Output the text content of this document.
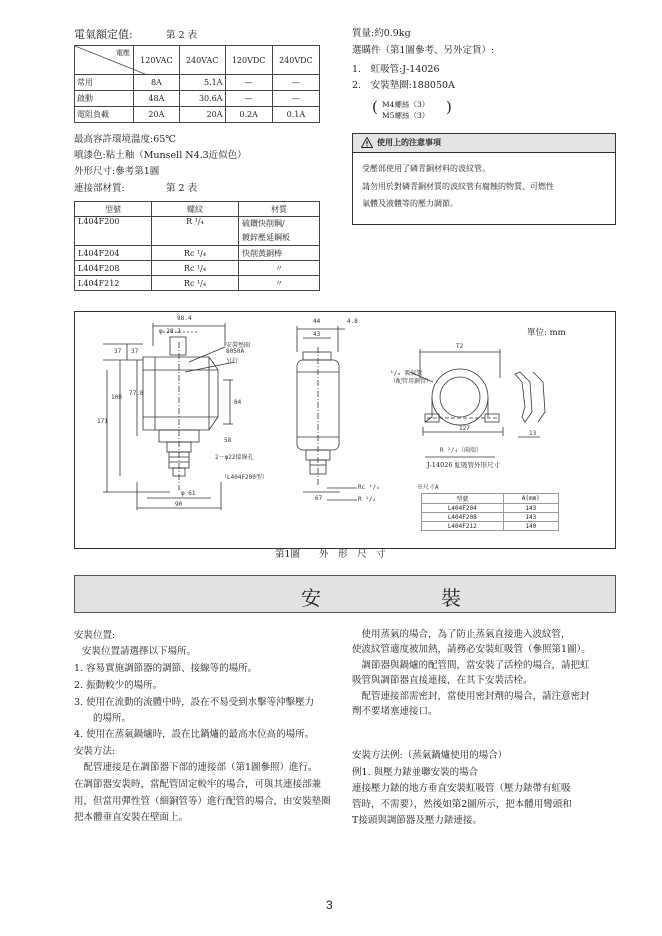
電氣額定值:	第 2 表
電壓	120VAC	240VAC	120VDC	240VDC
常用	8A	5.1A	—	—
啟動	48A	30.6A	—	—
電阻負載	20A	20A	0.2A	0.1A
最高容許環境溫度:65℃
噴漆色:粘土釉（Munsell N4.3近似色）
外形尺寸:參考第1圖
連接部材質:	第 2 表
型號	螺紋	材質
L404F200	R ¹/₄	硫鑽快削鋼/
鍍鋅壓延鋼板
L404F204	Rc ¹/₄	快削黃銅棒
L404F208	Rc ¹/₄	〃
L404F212	Rc ¹/₄	〃
質量:約0.9kg
選購件（第1圖參考、另外定貨）:
1.　虹吸管:J-14026
2.　安裝墊圈:188050A
( M4螺絲（3）
M5螺絲（3） )
使用上的注意事項
受壓部使用了磷青銅材料的波紋管。
請勿用於對磷青銅材質的波紋管有腐蝕的物質、可燃性
氣體及液體等的壓力調節。
單位: mm
98.4
φ 28.2
安裝墊圈
8050A
另行
37 37
77.8
100
171
84
58
2－φ22接線孔
（L404F200型）
φ 61
90
44	4.8
43
67
Rc ¹/₄
R ¹/₄
T2
¹/₄ 吸氣管
（配管用銅管）
127
13
R ¹/₄（兩端）
J-14026 虹吸管外形尺寸
※尺寸A
型號	A(mm)
L404F204	143
L404F208	143
L404F212	140
第1圖　　外　形　尺　寸
安　裝
安裝位置:
安裝位置請選擇以下場所。
1. 容易實施調節器的調節、接線等的場所。
2. 振動較少的場所。
3. 使用在流動的流體中時，設在不易受到水擊等沖擊壓力
　　的場所。
4. 使用在蒸氣鍋爐時，設在比鍋爐的最高水位高的場所。
安裝方法:
　配管連接是在調節器下部的連接部（第1圖參照）進行。
在調節器安裝時，當配管固定較牢的場合，可與其連接部兼
用，但當用彈性管（細銅管等）進行配管的場合，由安裝墊圈
把本體垂直安裝在壁面上。
　使用蒸氣的場合，為了防止蒸氣直接進入波紋管，
使波紋管適度被加熱，請務必安裝虹吸管（參照第1圖）。
　調節器與鍋爐的配管間，當安裝了活栓的場合，請把虹
吸管與調節器直接連接，在其下安裝活栓。
　配管連接部需密封，當使用密封劑的場合，請注意密封
劑不要堵塞連接口。
安裝方法例:（蒸氣鍋爐使用的場合）
例1. 與壓力錶並聯安裝的場合
連接壓力錶的地方垂直安裝虹吸管（壓力錶帶有虹吸
管時，不需要），然後如第2圖所示，把本體用彎頭和
T接頭與調節器及壓力錶連接。
3
